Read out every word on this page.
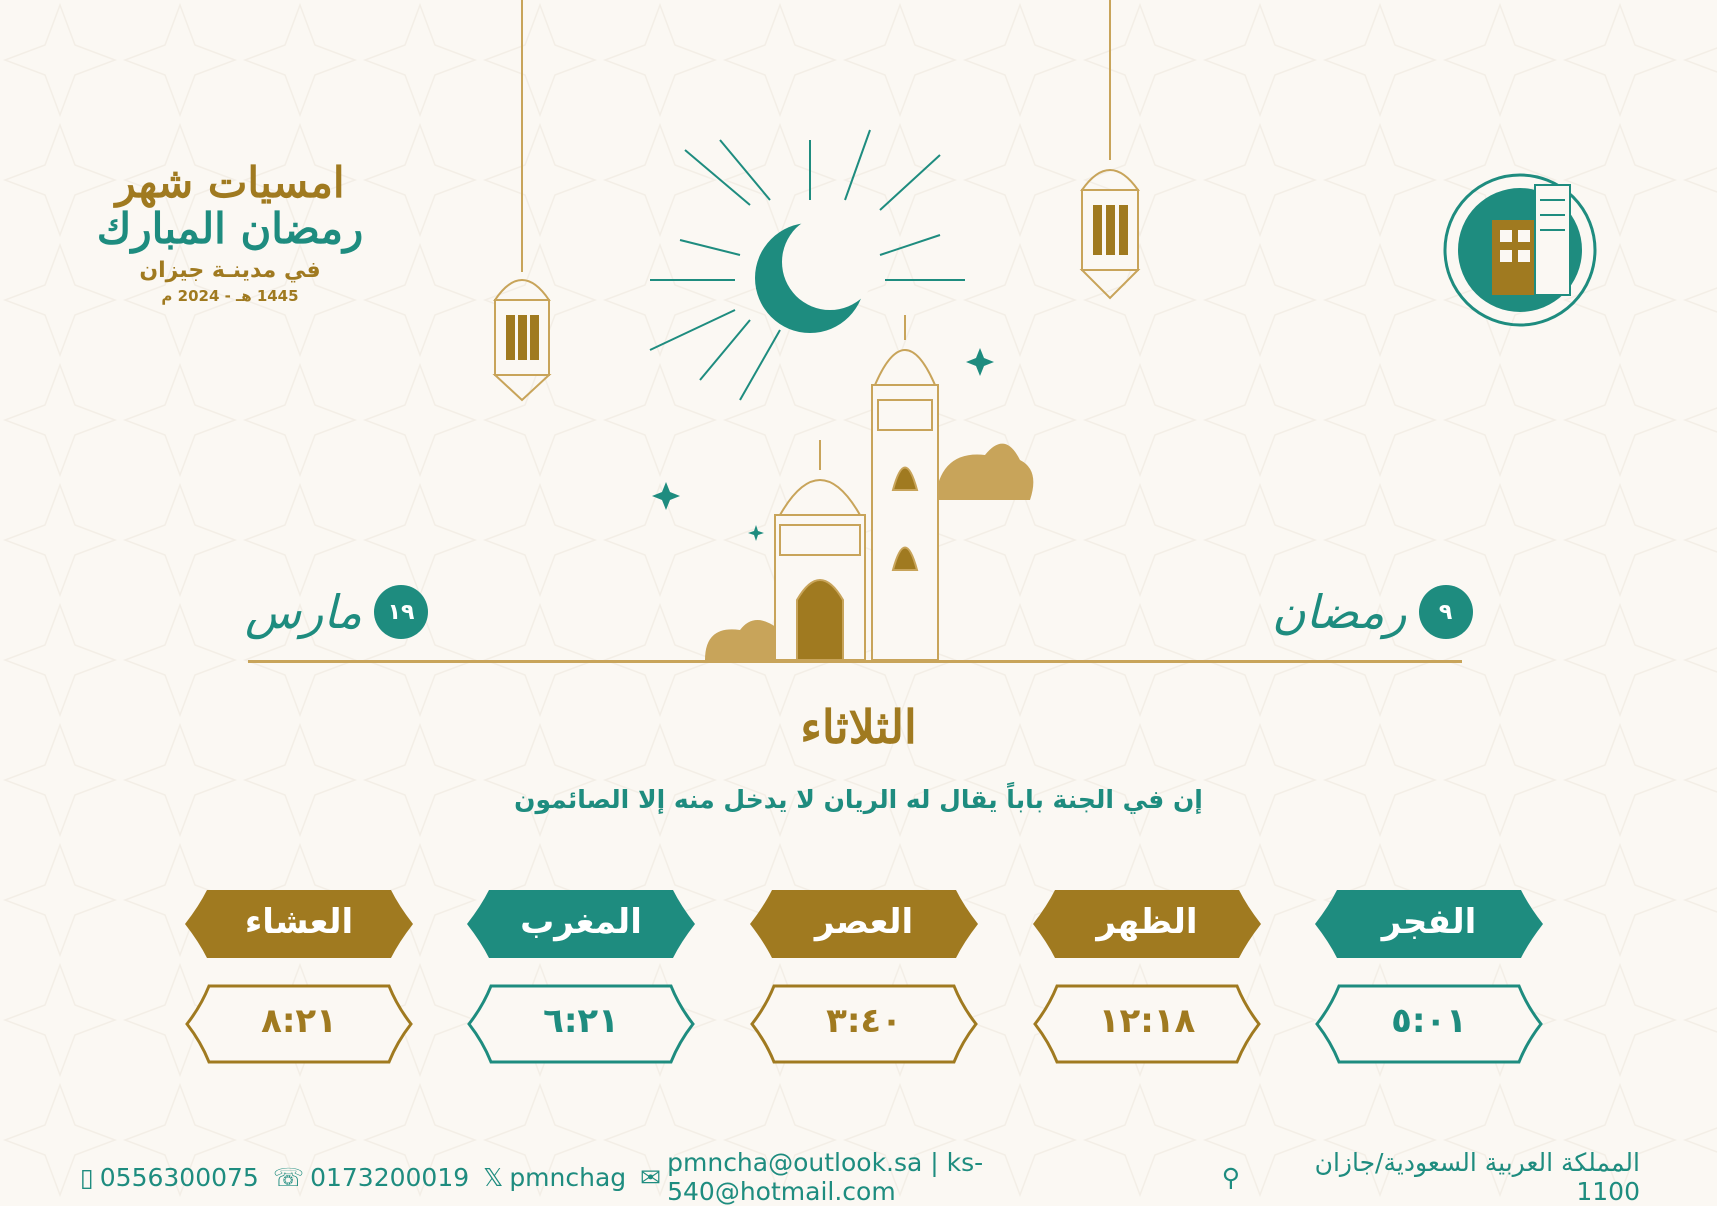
امسيات شهر
رمضان المبارك
في مدينـة جيزان
1445 هـ - 2024 م
٩
رمضان
١٩
مارس
الثلاثاء
إن في الجنة باباً يقال له الريان لا يدخل منه إلا الصائمون
الفجر
٥:٠١
الظهر
١٢:١٨
العصر
٣:٤٠
المغرب
٦:٢١
العشاء
٨:٢١
▯ 0556300075 ☏ 0173200019 𝕏 pmnchag ✉ pmncha@outlook.sa | ks-540@hotmail.com	⚲	المملكة العربية السعودية/جازان 1100
